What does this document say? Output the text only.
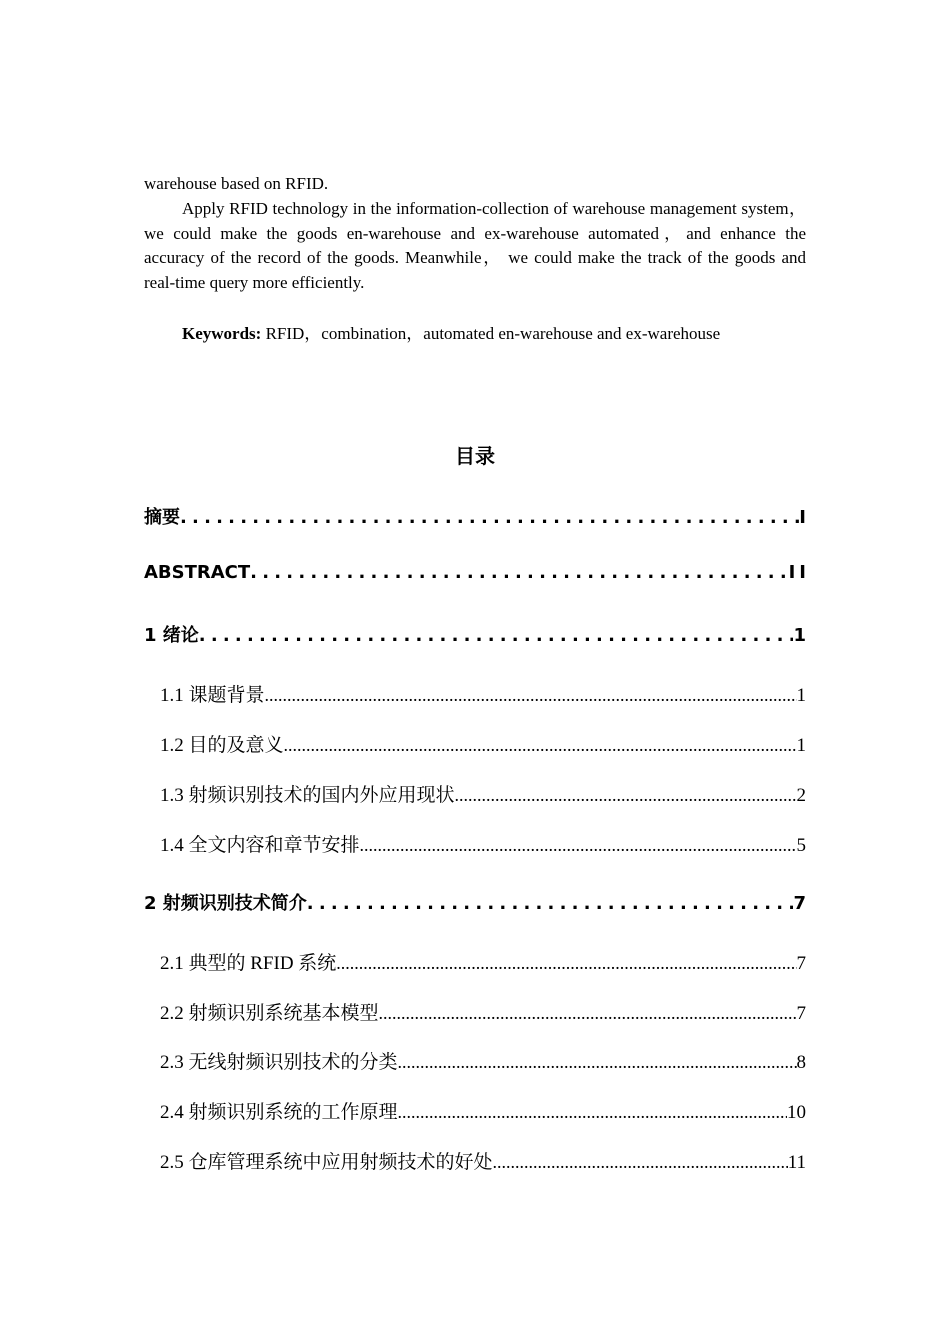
warehouse based on RFID.

Apply RFID technology in the information-collection of warehouse management system，we could make the goods en-warehouse and ex-warehouse automated，and enhance the accuracy of the record of the goods. Meanwhile， we could make the track of the goods and real-time query more efficiently.

Keywords: RFID，combination，automated en-warehouse and ex-warehouse
目录
摘要 .....	I
ABSTRACT .....	II
1 绪论 .....	1
1.1 课题背景 .....	1
1.2 目的及意义 .....	1
1.3 射频识别技术的国内外应用现状 .....	2
1.4 全文内容和章节安排 .....	5
2 射频识别技术简介 .....	7
2.1 典型的 RFID 系统 .....	7
2.2 射频识别系统基本模型 .....	7
2.3 无线射频识别技术的分类 .....	8
2.4 射频识别系统的工作原理 .....	10
2.5 仓库管理系统中应用射频技术的好处 .....	11
